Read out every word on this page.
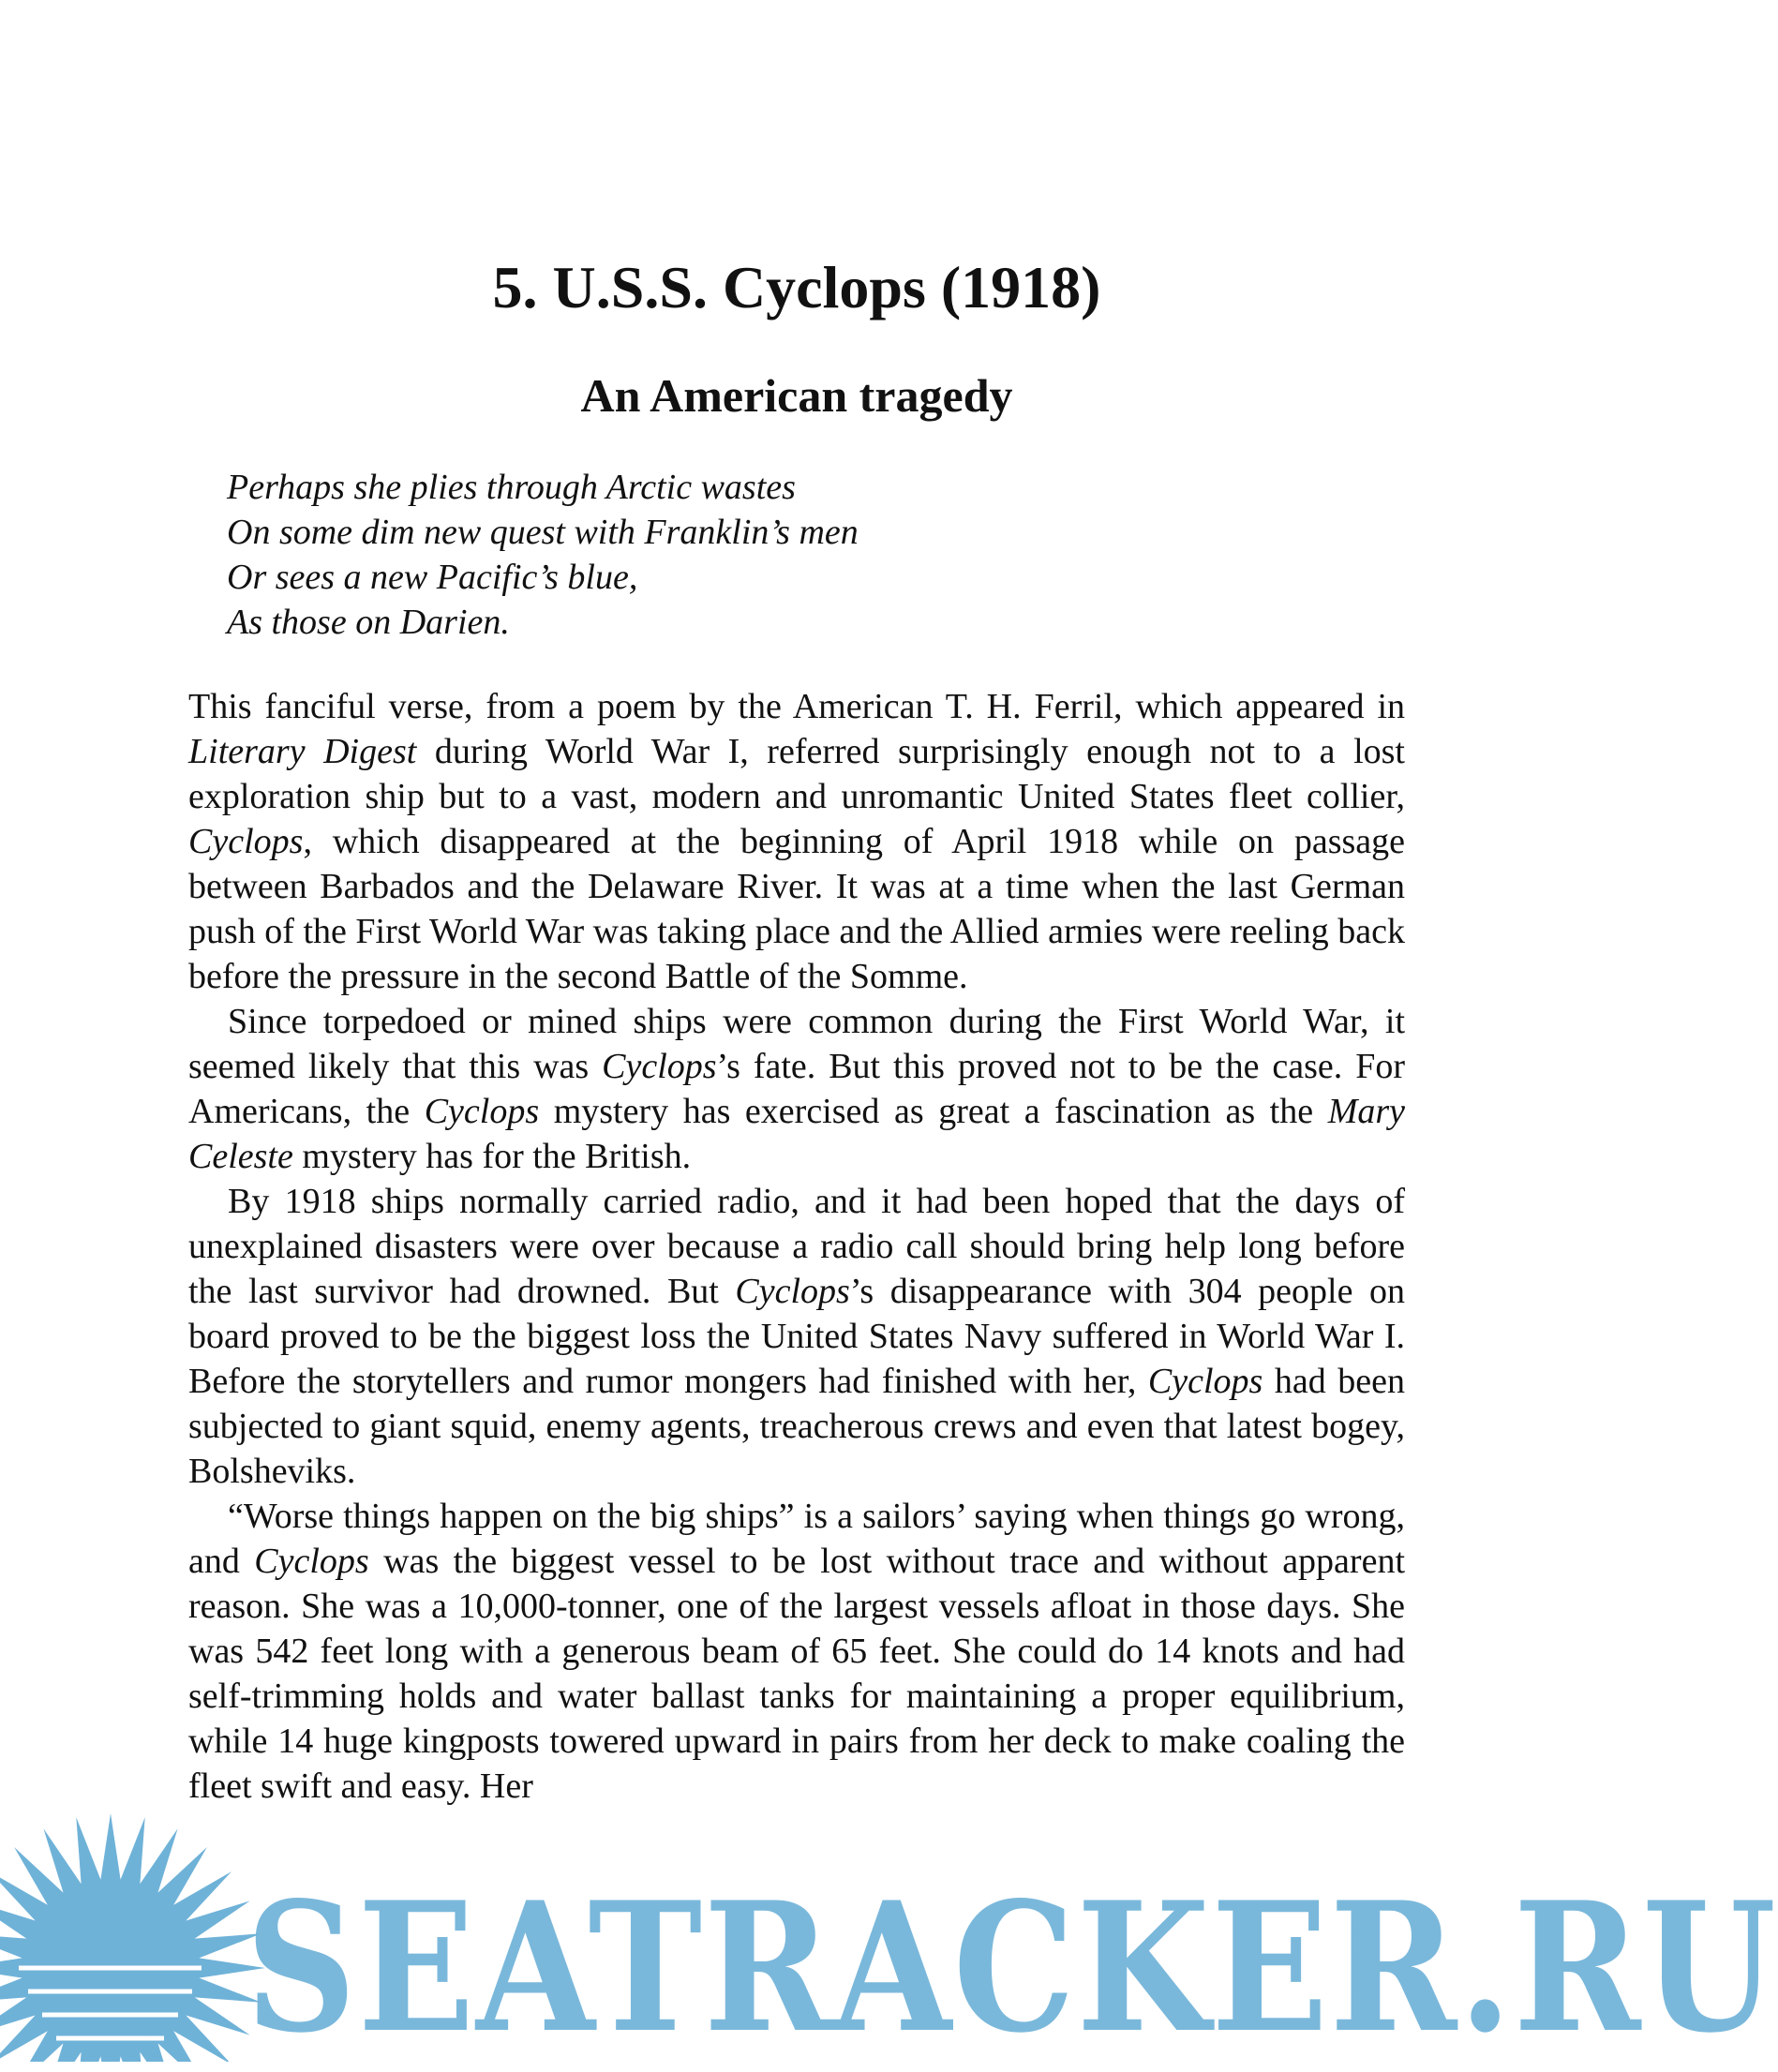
5. U.S.S. Cyclops (1918)
An American tragedy
Perhaps she plies through Arctic wastes
On some dim new quest with Franklin’s men
Or sees a new Pacific’s blue,
As those on Darien.

This fanciful verse, from a poem by the American T. H. Ferril, which appeared in Literary Digest during World War I, referred surprisingly enough not to a lost exploration ship but to a vast, modern and unromantic United States fleet collier, Cyclops, which disappeared at the beginning of April 1918 while on passage between Barbados and the Delaware River. It was at a time when the last German push of the First World War was taking place and the Allied armies were reeling back before the pressure in the second Battle of the Somme.

Since torpedoed or mined ships were common during the First World War, it seemed likely that this was Cyclops’s fate. But this proved not to be the case. For Americans, the Cyclops mystery has exercised as great a fascination as the Mary Celeste mystery has for the British.

By 1918 ships normally carried radio, and it had been hoped that the days of unexplained disasters were over because a radio call should bring help long before the last survivor had drowned. But Cyclops’s disappearance with 304 people on board proved to be the biggest loss the United States Navy suffered in World War I. Before the storytellers and rumor mongers had finished with her, Cyclops had been subjected to giant squid, enemy agents, treacherous crews and even that latest bogey, Bolsheviks.

“Worse things happen on the big ships” is a sailors’ saying when things go wrong, and Cyclops was the biggest vessel to be lost without trace and without apparent reason. She was a 10,000-tonner, one of the largest vessels afloat in those days. She was 542 feet long with a generous beam of 65 feet. She could do 14 knots and had self-trimming holds and water ballast tanks for maintaining a proper equilibrium, while 14 huge kingposts towered upward in pairs from her deck to make coaling the fleet swift and easy. Her

SEATRACKER.RU
